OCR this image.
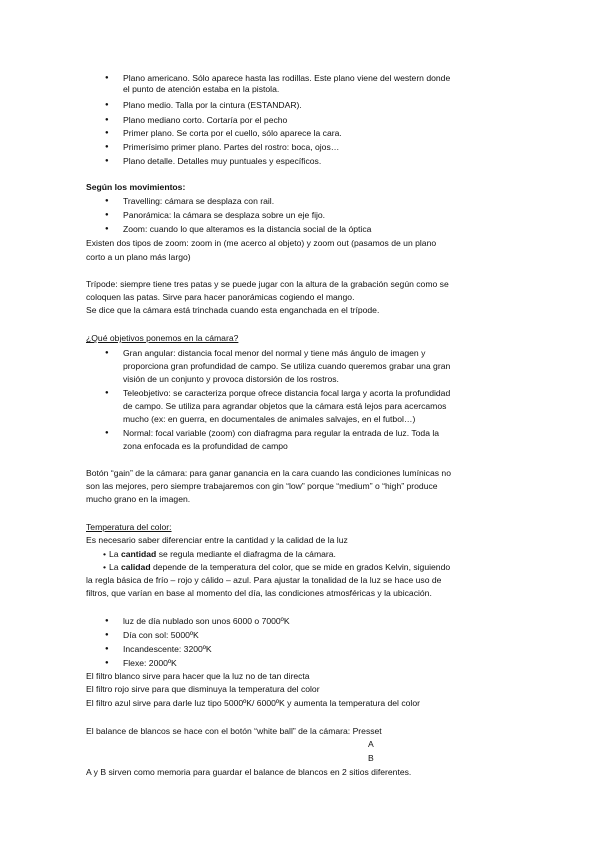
● Plano americano. Sólo aparece hasta las rodillas. Este plano viene del western donde
el punto de atención estaba en la pistola.
● Plano medio. Talla por la cintura (ESTANDAR).
● Plano mediano corto. Cortaría por el pecho
● Primer plano. Se corta por el cuello, sólo aparece la cara.
● Primerísimo primer plano. Partes del rostro: boca, ojos…
● Plano detalle. Detalles muy puntuales y específicos.
Según los movimientos:
● Travelling: cámara se desplaza con rail.
● Panorámica: la cámara se desplaza sobre un eje fijo.
● Zoom: cuando lo que alteramos es la distancia social de la óptica
Existen dos tipos de zoom: zoom in (me acerco al objeto) y zoom out (pasamos de un plano
corto a un plano más largo)
Trípode: siempre tiene tres patas y se puede jugar con la altura de la grabación según como se
coloquen las patas. Sirve para hacer panorámicas cogiendo el mango.
Se dice que la cámara está trinchada cuando esta enganchada en el trípode.
¿Qué objetivos ponemos en la cámara?
● Gran angular: distancia focal menor del normal y tiene más ángulo de imagen y
proporciona gran profundidad de campo. Se utiliza cuando queremos grabar una gran
visión de un conjunto y provoca distorsión de los rostros.
● Teleobjetivo: se caracteriza porque ofrece distancia focal larga y acorta la profundidad
de campo. Se utiliza para agrandar objetos que la cámara está lejos para acercamos
mucho (ex: en guerra, en documentales de animales salvajes, en el futbol…)
● Normal: focal variable (zoom) con diafragma para regular la entrada de luz. Toda la
zona enfocada es la profundidad de campo
Botón “gain” de la cámara: para ganar ganancia en la cara cuando las condiciones lumínicas no
son las mejores, pero siempre trabajaremos con gin “low” porque “medium” o “high” produce
mucho grano en la imagen.
Temperatura del color:
Es necesario saber diferenciar entre la cantidad y la calidad de la luz
• La cantidad se regula mediante el diafragma de la cámara.
• La calidad depende de la temperatura del color, que se mide en grados Kelvin, siguiendo
la regla básica de frío – rojo y cálido – azul. Para ajustar la tonalidad de la luz se hace uso de
filtros, que varían en base al momento del día, las condiciones atmosféricas y la ubicación.
● luz de día nublado son unos 6000 o 7000ºK
● Día con sol: 5000ºK
● Incandescente: 3200ºK
● Flexe: 2000ºK
El filtro blanco sirve para hacer que la luz no de tan directa
El filtro rojo sirve para que disminuya la temperatura del color
El filtro azul sirve para darle luz tipo 5000ºK/ 6000ºK y aumenta la temperatura del color
El balance de blancos se hace con el botón “white ball” de la cámara: Presset
A
B
A y B sirven como memoria para guardar el balance de blancos en 2 sitios diferentes.
